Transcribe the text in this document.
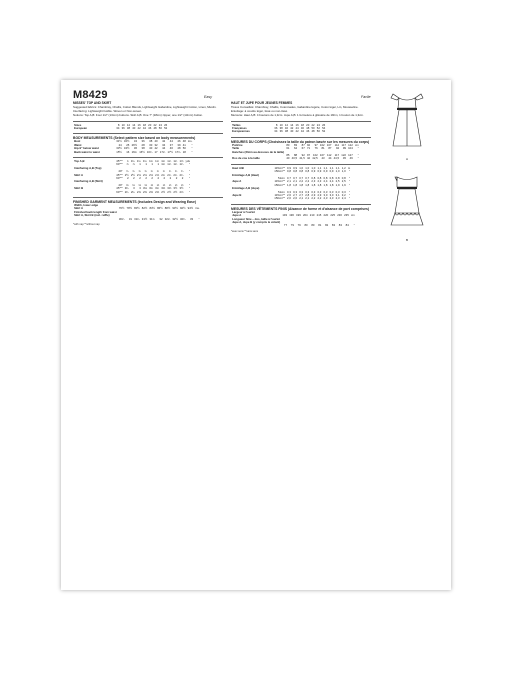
M8429
MISSES' TOP AND SKIRT
Suggested fabrics: Chambray, Challis, Cotton Blends, Lightweight Gabardine, Lightweight Cotton, Linen, Muslin. Interfacing: Lightweight fusible. Woven or Non-woven.
Notions: Top A,B: Four 1/2" (13mm) buttons. Skirt A,B: One 7" (18cm) zipper, one 1/2" (13mm) button.
Sizes	8	10	12	14	16	18	20	22	24	26
European	34	36	38	40	42	44	46	48	50	52
BODY MEASUREMENTS (Select pattern size based on body measurements)
Bust	31½	32½	34	36	38	40	42	44	46	48	ins.
Waist	24	25	26½	28	30	32	34	37	39	41	"
Hip-9" below waist	33½	34½	36	38	40	42	44	46	48	50	"
Back waist to waist	15½	16	16¼	16½	16¾	17	17¼	17½	17¾	18	"
Top A,B	45"**	1	1¼	1¼	1¼	1¼	1¼	1¼	1¼	1¼	1⅝	yds
	60"**	⅞	⅞	1	1	1	1	1¼	1¼	1¼	1¼	"
Interfacing A,B (Top)												
	20"	¾	¾	¾	¾	¾	¾	¾	¾	¾	¾	"
Skirt A	45"**	2½	2½	2⅝	2⅝	2⅝	2⅝	2¾	2¾	2¾	2¾	"
	60"**	2	2	2	2	2	2	2	2	2	2	"
Interfacing A,B (Skirt)												
	20"	⅛	⅛	⅛	⅛	⅛	⅛	⅛	⅛	⅛	⅛	"
Skirt B	45"**	3¼	3	3	3⅛	3¼	3¼	3⅜	3⅜	3½	3½	"
	60"**	2¼	2¼	2⅜	2⅜	2⅜	2⅜	2½	2½	2½	2⅝	"
FINISHED GARMENT MEASUREMENTS (Includes Design and Wearing Ease)
Width, lower edge											
Skirt A	76½	78½	80½	82½	84½	86½	88½	90½	92½	94½	ins.
Finished back length from waist											
Skirt A, Skirt B (incl. ruffle)											
	30¼	31	31¼	31½	31¾	32	32¼	32½	32¾	33	"
*with nap **without nap
Easy
HAUT ET JUPE POUR JEUNES FEMMES
Tissus Conseillés: Chambray, Challis, Cotonnades, Gabardine légère, Coton léger, Lin, Mousseline. Entoilage: à coudre léger, tissé ou non-tissé.
Mercerie: Haut A,B: 4 boutons de 1,3cm. Jupe A,B: 1 fermeture à glissière de 18cm, 1 bouton de 1,3cm.
Tailles	8	10	12	14	16	18	20	22	24	26
Françaises	36	38	40	42	44	46	48	50	52	54
Européennes	34	36	38	40	42	44	46	48	50	52
MESURES DU CORPS (Choisissez la taille du patron basée sur les mesures du corps)
Poitrine	80	83	87	92	97	102	107	112	117	122	cm
Taille	61	64	67	71	76	81	87	94	99	104	"
Hanches (23cm au-dessous de la taille)											
	85	88	92	97	102	107	112	117	122	127	"
Dos de cou à la taille	40	40,5	41,5	42	42,5	43	44	44,5	45	46	"
Haut A/B	115cm**	0,9	0,9	1,0	1,0	1,0	1,1	1,1	1,1	1,1	1,2	m
	150cm**	0,8	0,8	0,8	0,8	0,9	0,9	0,9	0,9	1,0	1,0	"
Entoilage A,B (Haut)												
	51cm	0,7	0,7	0,7	0,7	0,8	0,8	0,8	0,8	0,8	0,8	"
Jupe A	115cm**	2,1	2,1	2,2	2,2	2,3	2,3	2,4	2,4	2,5	2,5	"
	150cm**	1,8	1,8	1,8	1,8	1,8	1,8	1,8	1,8	1,9	1,9	"
Entoilage A,B (Jupe)												
	51cm	0,3	0,3	0,3	0,3	0,3	0,3	0,3	0,3	0,3	0,3	"
Jupe B	115cm**	2,6	2,7	2,7	2,8	2,9	2,9	3,0	3,0	3,1	3,2	"
	150cm**	2,0	2,0	2,1	2,1	2,2	2,2	2,3	2,3	2,3	2,4	"
MESURES DES VÊTEMENTS FINIS (Aisance de forme et d'aisance de port comprises)
Largeur à l'ourlet											
Jupe A	193	196	199	204	210	215	220	225	230	235	cm
Longueur finie – dos, taille à l'ourlet											
Jupe A, Jupe B (y compris le volant)											
	77	79	79	80	80	81	82	83	83	84	"
*avec sens **sans sens
Facile
A
B
